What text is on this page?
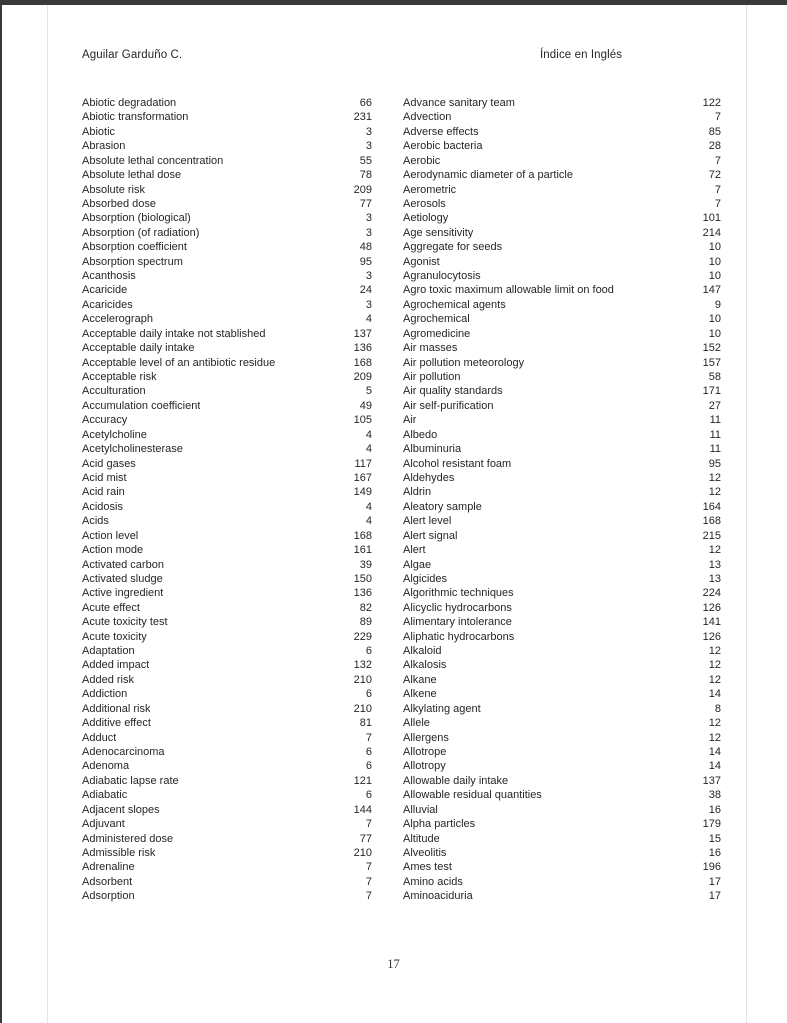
Aguilar Garduño C.	Índice en Inglés
Abiotic degradation	66
Abiotic transformation	231
Abiotic	3
Abrasion	3
Absolute lethal concentration	55
Absolute lethal dose	78
Absolute risk	209
Absorbed dose	77
Absorption (biological)	3
Absorption (of radiation)	3
Absorption coefficient	48
Absorption spectrum	95
Acanthosis	3
Acaricide	24
Acaricides	3
Accelerograph	4
Acceptable daily intake not stablished	137
Acceptable daily intake	136
Acceptable level of an antibiotic residue	168
Acceptable risk	209
Acculturation	5
Accumulation coefficient	49
Accuracy	105
Acetylcholine	4
Acetylcholinesterase	4
Acid gases	117
Acid mist	167
Acid rain	149
Acidosis	4
Acids	4
Action level	168
Action mode	161
Activated carbon	39
Activated sludge	150
Active ingredient	136
Acute effect	82
Acute toxicity test	89
Acute toxicity	229
Adaptation	6
Added impact	132
Added risk	210
Addiction	6
Additional risk	210
Additive effect	81
Adduct	7
Adenocarcinoma	6
Adenoma	6
Adiabatic lapse rate	121
Adiabatic	6
Adjacent slopes	144
Adjuvant	7
Administered dose	77
Admissible risk	210
Adrenaline	7
Adsorbent	7
Adsorption	7
Advance sanitary team	122
Advection	7
Adverse effects	85
Aerobic bacteria	28
Aerobic	7
Aerodynamic diameter of a particle	72
Aerometric	7
Aerosols	7
Aetiology	101
Age sensitivity	214
Aggregate for seeds	10
Agonist	10
Agranulocytosis	10
Agro toxic maximum allowable limit on food	147
Agrochemical agents	9
Agrochemical	10
Agromedicine	10
Air masses	152
Air pollution meteorology	157
Air pollution	58
Air quality standards	171
Air self-purification	27
Air	11
Albedo	11
Albuminuria	11
Alcohol resistant foam	95
Aldehydes	12
Aldrin	12
Aleatory sample	164
Alert level	168
Alert signal	215
Alert	12
Algae	13
Algicides	13
Algorithmic techniques	224
Alicyclic hydrocarbons	126
Alimentary intolerance	141
Aliphatic hydrocarbons	126
Alkaloid	12
Alkalosis	12
Alkane	12
Alkene	14
Alkylating agent	8
Allele	12
Allergens	12
Allotrope	14
Allotropy	14
Allowable daily intake	137
Allowable residual quantities	38
Alluvial	16
Alpha particles	179
Altitude	15
Alveolitis	16
Ames test	196
Amino acids	17
Aminoaciduria	17
17
